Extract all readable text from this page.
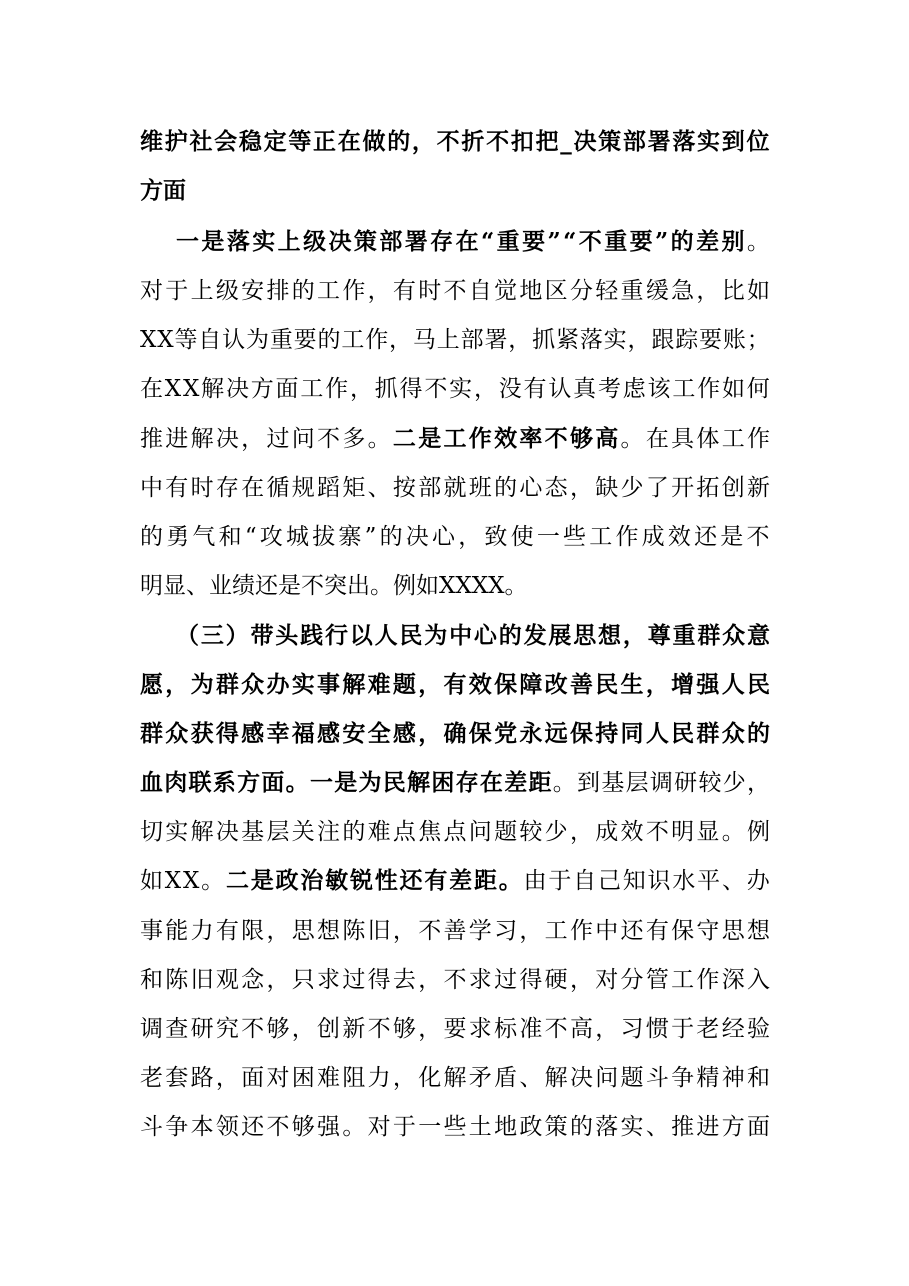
维护社会稳定等正在做的，不折不扣把_决策部署落实到位
方面
一是落实上级决策部署存在“重要”“不重要”的差别。
对于上级安排的工作，有时不自觉地区分轻重缓急，比如
XX等自认为重要的工作，马上部署，抓紧落实，跟踪要账；
在XX解决方面工作，抓得不实，没有认真考虑该工作如何
推进解决，过问不多。二是工作效率不够高。在具体工作
中有时存在循规蹈矩、按部就班的心态，缺少了开拓创新
的勇气和“攻城拔寨”的决心，致使一些工作成效还是不
明显、业绩还是不突出。例如XXXX。
（三）带头践行以人民为中心的发展思想，尊重群众意
愿，为群众办实事解难题，有效保障改善民生，增强人民
群众获得感幸福感安全感，确保党永远保持同人民群众的
血肉联系方面。一是为民解困存在差距。到基层调研较少，
切实解决基层关注的难点焦点问题较少，成效不明显。例
如XX。二是政治敏锐性还有差距。由于自己知识水平、办
事能力有限，思想陈旧，不善学习，工作中还有保守思想
和陈旧观念，只求过得去，不求过得硬，对分管工作深入
调查研究不够，创新不够，要求标准不高，习惯于老经验
老套路，面对困难阻力，化解矛盾、解决问题斗争精神和
斗争本领还不够强。对于一些土地政策的落实、推进方面
